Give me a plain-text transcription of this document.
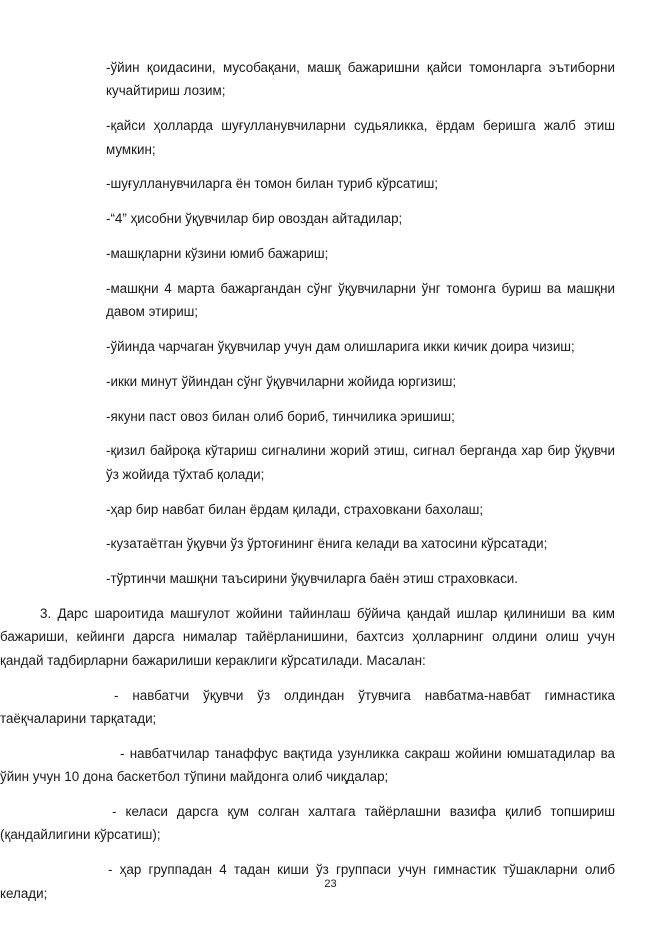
-ўйин қоидасини, мусобақани, машқ бажаришни қайси томонларга эътиборни кучайтириш лозим;

-қайси ҳолларда шуғулланувчиларни судьяликка, ёрдам беришга жалб этиш мумкин;

-шуғулланувчиларга ён томон билан туриб кўрсатиш;

-“4” ҳисобни ўқувчилар бир овоздан айтадилар;

-машқларни кўзини юмиб бажариш;

-машқни 4 марта бажаргандан сўнг ўқувчиларни ўнг томонга буриш ва машқни давом этириш;

-ўйинда чарчаган ўқувчилар учун дам олишларига икки кичик доира чизиш;

-икки минут ўйиндан сўнг ўқувчиларни жойида юргизиш;

-якуни паст овоз билан олиб бориб, тинчилика эришиш;

-қизил байроқа кўтариш сигналини жорий этиш, сигнал берганда хар бир ўқувчи ўз жойида тўхтаб қолади;

-ҳар бир навбат билан ёрдам қилади, страховкани бахолаш;

-кузатаётган ўқувчи ўз ўртоғининг ёнига келади ва хатосини кўрсатади;

-тўртинчи машқни таъсирини ўқувчиларга баён этиш страховкаси.

3. Дарс шароитида машғулот жойини тайинлаш бўйича қандай ишлар қилиниши ва ким бажариши, кейинги дарсга нималар тайёрланишини, бахтсиз ҳолларнинг олдини олиш учун қандай тадбирларни бажарилиши кераклиги кўрсатилади. Масалан:

- навбатчи ўқувчи ўз олдиндан ўтувчига навбатма-навбат гимнастика таёқчаларини тарқатади;

- навбатчилар танаффус вақтида узунликка сакраш жойини юмшатадилар ва ўйин учун 10 дона баскетбол тўпини майдонга олиб чиқдалар;

- келаси дарсга қум солган халтага тайёрлашни вазифа қилиб топшириш (қандайлигини кўрсатиш);

- ҳар группадан 4 тадан киши ўз группаси учун гимнастик тўшакларни олиб келади;

23
